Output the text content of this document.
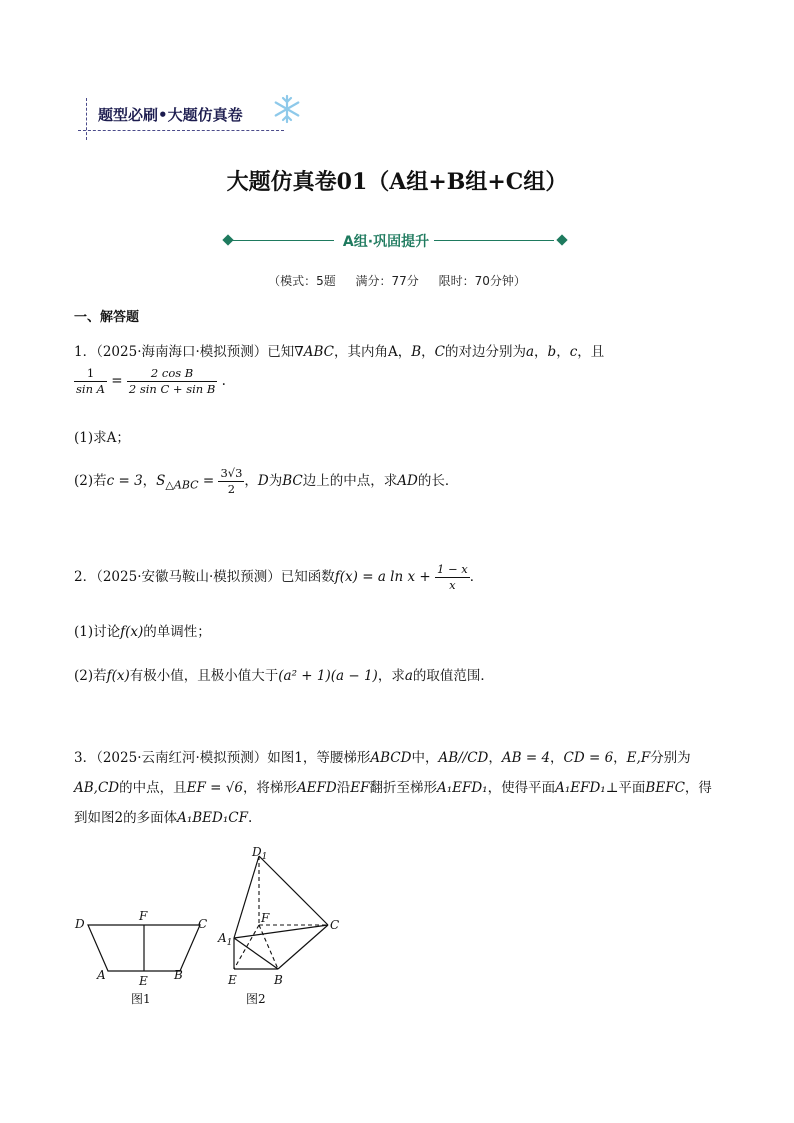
题型必刷•大题仿真卷
大题仿真卷01（A组+B组+C组）
A组·巩固提升
（模式：5题 满分：77分 限时：70分钟）
一、解答题
1．（2025·海南海口·模拟预测）已知∇ABC，其内角A，B，C的对边分别为a，b，c，且
$\frac{1}{\text{sin A}} = \frac{\text{2 cos B}}{\text{2 sin C + sin B}}$ .
(1)求A；
(2)若c = 3，$S_{\triangle ABC} = \frac{3√3}{2}$ ，D为BC边上的中点，求AD的长．
2．（2025·安徽马鞍山·模拟预测）已知函数f(x) = a $\ln x + \frac{1 - x}{x}$ ．
(1)讨论f(x)的单调性；
(2)若f(x)有极小值，且极小值大于(a² + 1)(a − 1)，求a的取值范围．
3．（2025·云南红河·模拟预测）如图1，等腰梯形ABCD中，AB//CD，AB = 4，CD = 6，E,F分别为
AB,CD的中点，且EF = √6，将梯形AEFD沿EF翻折至梯形A₁EFD₁，使得平面A₁EFD₁⊥平面BEFC，得
到如图2的多面体A₁BED₁CF.
D
F
C
A	E B
图1
$D_1$
F	C
$A_1$
E	B
图2
